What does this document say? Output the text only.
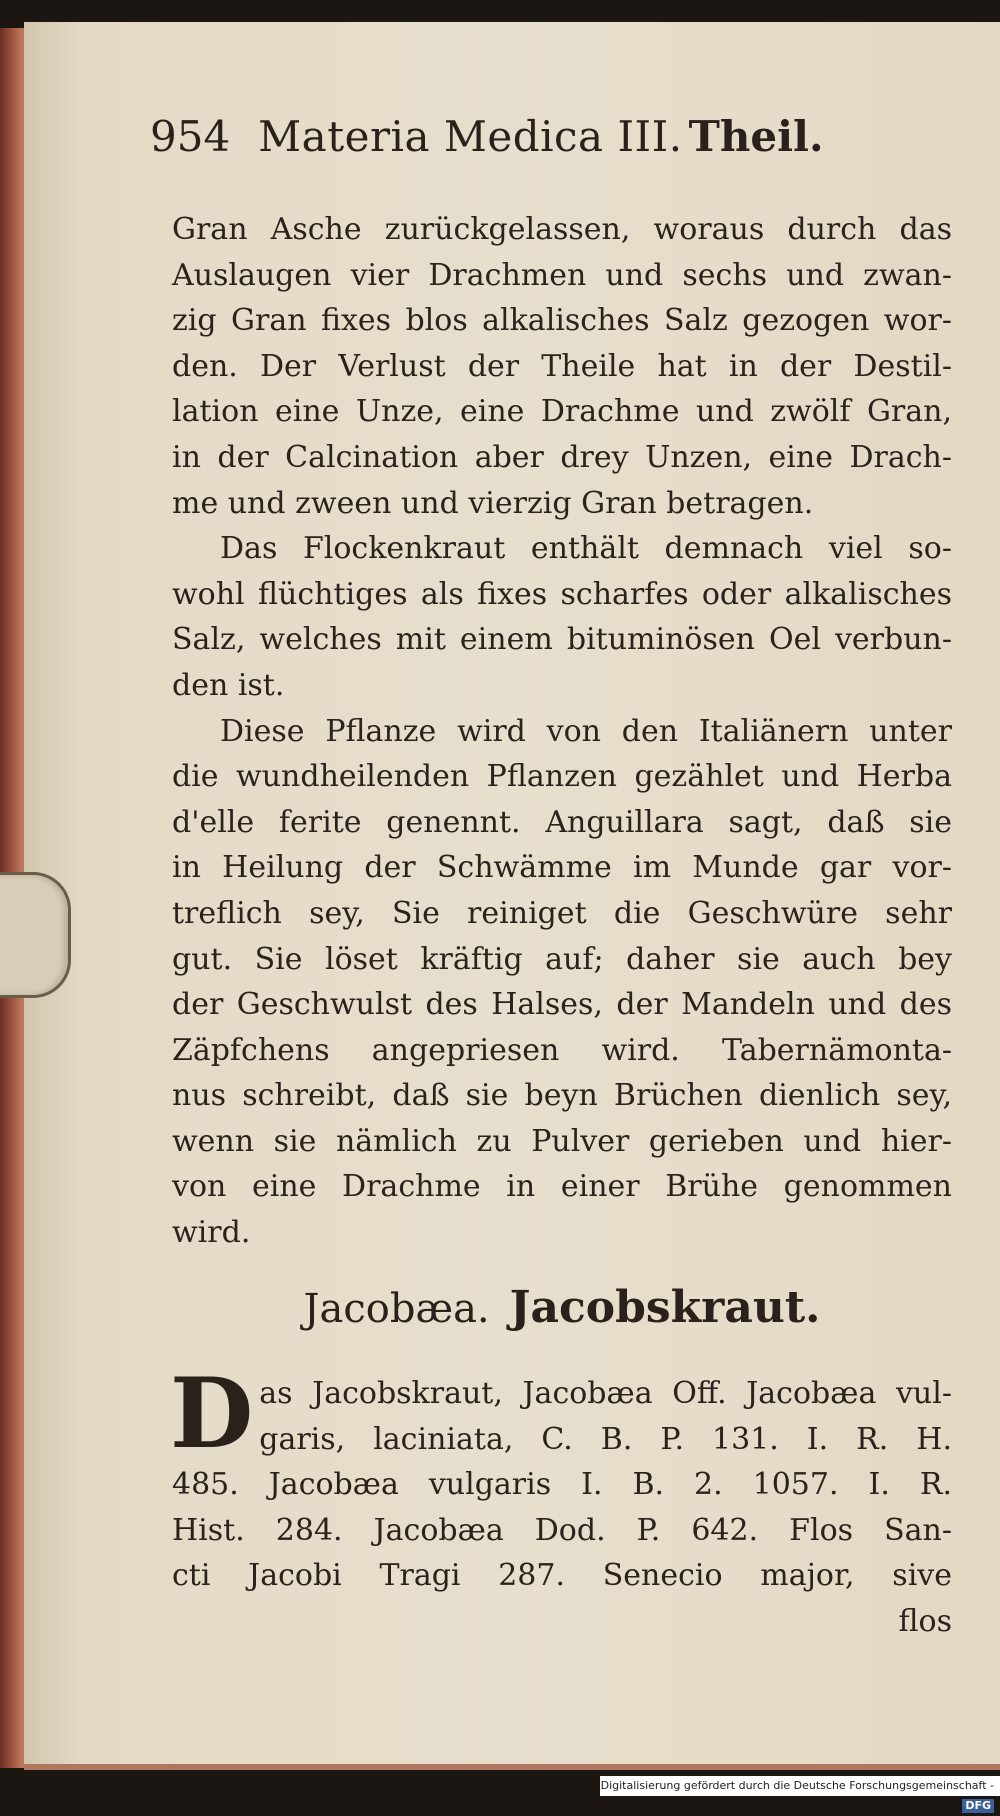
954 Materia Medica III. Theil.
Gran Asche zurückgelassen, woraus durch das
Auslaugen vier Drachmen und sechs und zwan-
zig Gran fixes blos alkalisches Salz gezogen wor-
den. Der Verlust der Theile hat in der Destil-
lation eine Unze, eine Drachme und zwölf Gran,
in der Calcination aber drey Unzen, eine Drach-
me und zween und vierzig Gran betragen.
Das Flockenkraut enthält demnach viel so-
wohl flüchtiges als fixes scharfes oder alkalisches
Salz, welches mit einem bituminösen Oel verbun-
den ist.
Diese Pflanze wird von den Italiänern unter
die wundheilenden Pflanzen gezählet und Herba
d'elle ferite genennt. Anguillara sagt, daß sie
in Heilung der Schwämme im Munde gar vor-
treflich sey, Sie reiniget die Geschwüre sehr
gut. Sie löset kräftig auf; daher sie auch bey
der Geschwulst des Halses, der Mandeln und des
Zäpfchens angepriesen wird. Tabernämonta-
nus schreibt, daß sie beyn Brüchen dienlich sey,
wenn sie nämlich zu Pulver gerieben und hier-
von eine Drachme in einer Brühe genommen
wird.
Jacobæa. Jacobskraut.
D as Jacobskraut, Jacobæa Off. Jacobæa vul-
garis, laciniata, C. B. P. 131. I. R. H.
485. Jacobæa vulgaris I. B. 2. 1057. I. R.
Hist. 284. Jacobæa Dod. P. 642. Flos San-
cti Jacobi Tragi 287. Senecio major, sive
flos
Digitalisierung gefördert durch die Deutsche Forschungsgemeinschaft -DFG
